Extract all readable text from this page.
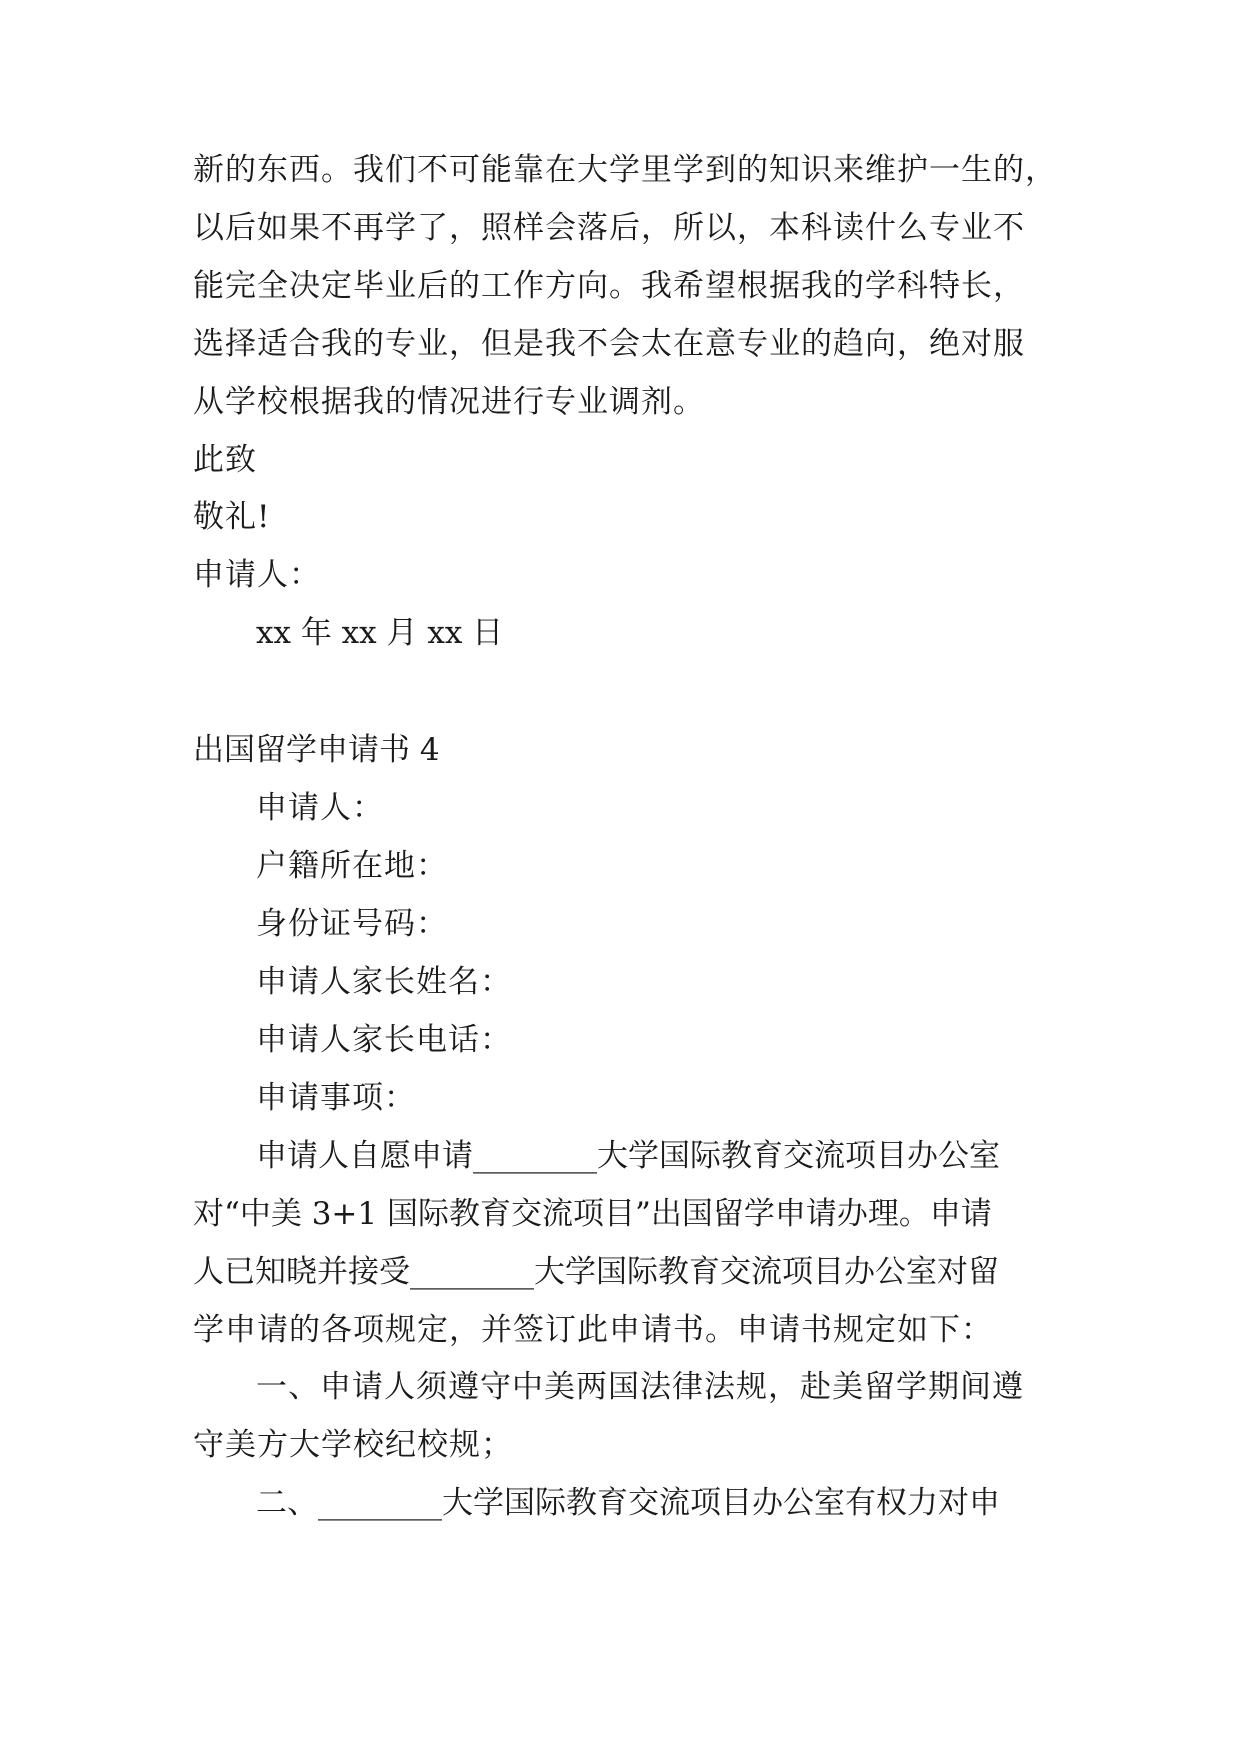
新的东西。我们不可能靠在大学里学到的知识来维护一生的，
以后如果不再学了，照样会落后，所以，本科读什么专业不
能完全决定毕业后的工作方向。我希望根据我的学科特长，
选择适合我的专业，但是我不会太在意专业的趋向，绝对服
从学校根据我的情况进行专业调剂。
此致
敬礼!
申请人：
xx 年 xx 月 xx 日
出国留学申请书 4
申请人：
户籍所在地：
身份证号码：
申请人家长姓名：
申请人家长电话：
申请事项：
申请人自愿申请________大学国际教育交流项目办公室
对“中美 3+1 国际教育交流项目”出国留学申请办理。申请
人已知晓并接受________大学国际教育交流项目办公室对留
学申请的各项规定，并签订此申请书。申请书规定如下：
一、申请人须遵守中美两国法律法规，赴美留学期间遵
守美方大学校纪校规；
二、________大学国际教育交流项目办公室有权力对申
